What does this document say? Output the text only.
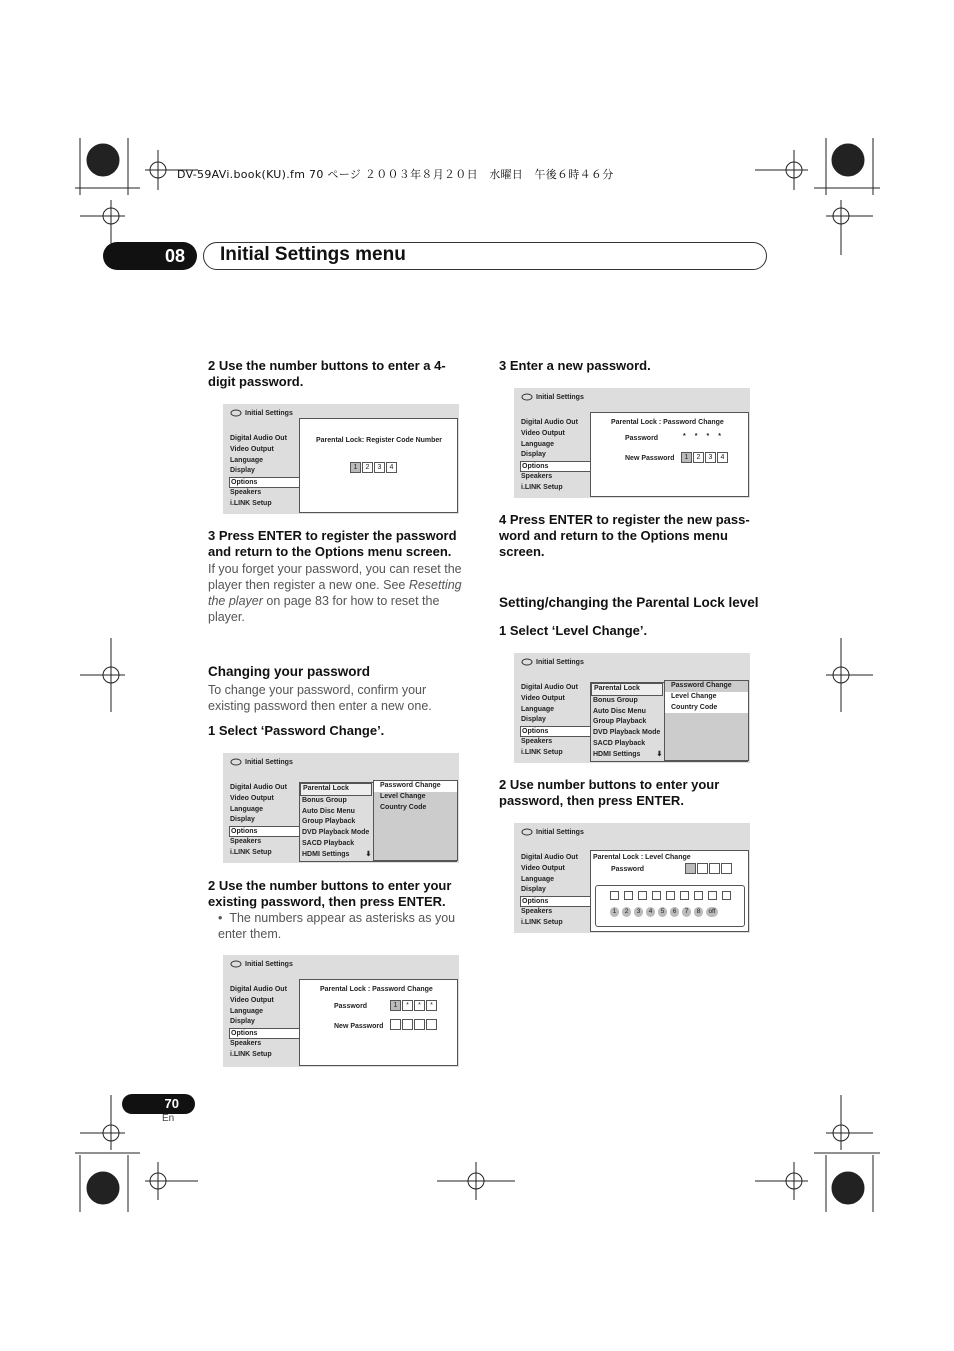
DV-59AVi.book(KU).fm 70 ページ ２００３年８月２０日　水曜日　午後６時４６分
08	Initial Settings menu
2 Use the number buttons to enter a 4-digit password.
Initial Settings
Digital Audio Out
Video Output
Language
Display
Options
Speakers
i.LINK Setup
Parental Lock: Register Code Number
1	2	3	4
3 Press ENTER to register the password and return to the Options menu screen.
If you forget your password, you can reset the player then register a new one. See Resetting the player on page 83 for how to reset the player.
Changing your password
To change your password, confirm your existing password then enter a new one.
1 Select ‘Password Change’.
Initial Settings
Digital Audio Out
Video Output
Language
Display
Options
Speakers
i.LINK Setup
Parental Lock
Bonus Group
Auto Disc Menu
Group Playback
DVD Playback Mode
SACD Playback
HDMI Settings ⬇
Password Change
Level Change
Country Code
2 Use the number buttons to enter your existing password, then press ENTER.
•  The numbers appear as asterisks as you enter them.
Initial Settings
Digital Audio Out
Video Output
Language
Display
Options
Speakers
i.LINK Setup
Parental Lock : Password Change
Password	1	*	*	*
New Password
3 Enter a new password.
Initial Settings
Digital Audio Out
Video Output
Language
Display
Options
Speakers
i.LINK Setup
Parental Lock : Password Change
Password	****
New Password	1	2	3	4
4 Press ENTER to register the new pass-word and return to the Options menu screen.
Setting/changing the Parental Lock level
1 Select ‘Level Change’.
Initial Settings
Digital Audio Out
Video Output
Language
Display
Options
Speakers
i.LINK Setup
Parental Lock
Bonus Group
Auto Disc Menu
Group Playback
DVD Playback Mode
SACD Playback
HDMI Settings ⬇
Password Change
Level Change
Country Code
2 Use number buttons to enter your password, then press ENTER.
Initial Settings
Digital Audio Out
Video Output
Language
Display
Options
Speakers
i.LINK Setup
Parental Lock : Level Change
Password
1 2 3 4 5 6 7 8 off
70
En
